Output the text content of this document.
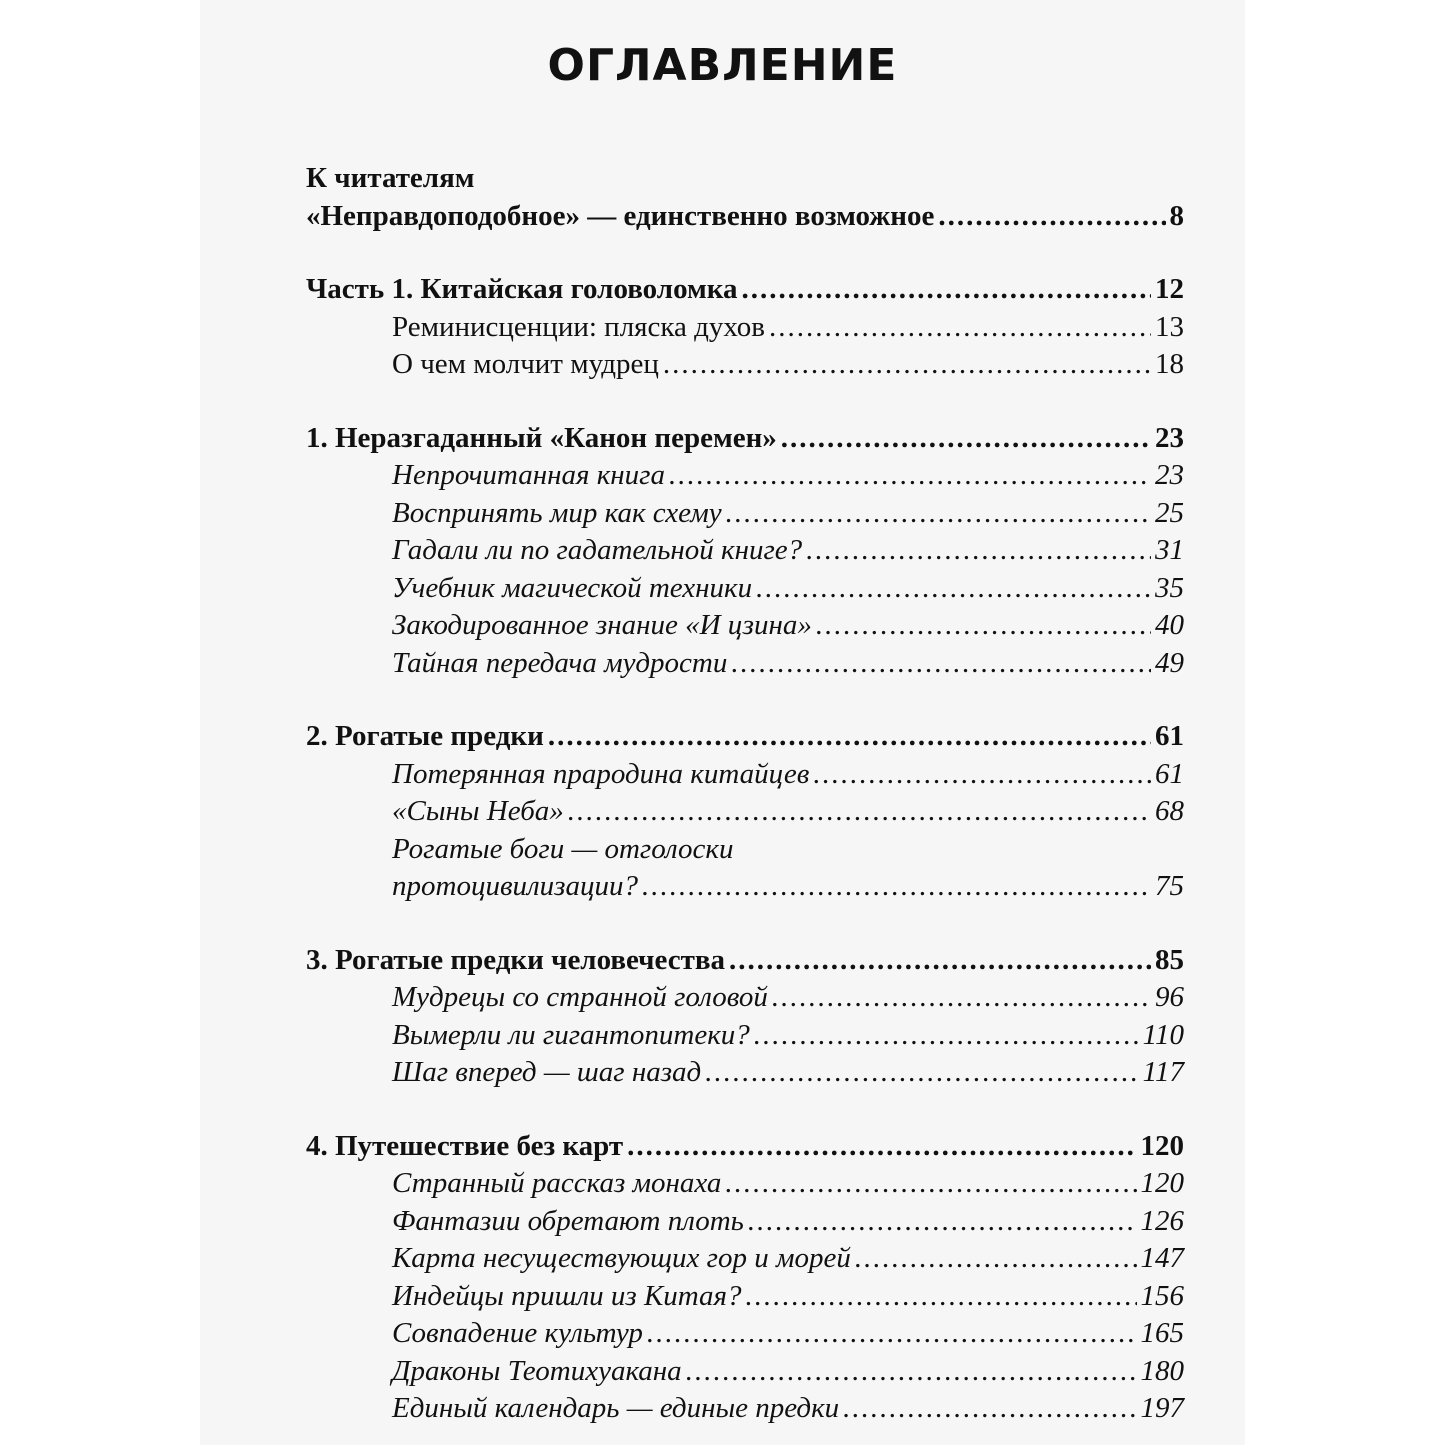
ОГЛАВЛЕНИЕ
К читателям
«Неправдоподобное» — единственно возможное .....	8
Часть 1. Китайская головоломка .....	12
Реминисценции: пляска духов .....	13
О чем молчит мудрец .....	18
1. Неразгаданный «Канон перемен» .....	23
Непрочитанная книга .....	23
Воспринять мир как схему .....	25
Гадали ли по гадательной книге? .....	31
Учебник магической техники .....	35
Закодированное знание «И цзина» .....	40
Тайная передача мудрости .....	49
2. Рогатые предки .....	61
Потерянная прародина китайцев .....	61
«Сыны Неба» .....	68
Рогатые боги — отголоски
протоцивилизации? .....	75
3. Рогатые предки человечества .....	85
Мудрецы со странной головой .....	96
Вымерли ли гигантопитеки? .....	110
Шаг вперед — шаг назад .....	117
4. Путешествие без карт .....	120
Странный рассказ монаха .....	120
Фантазии обретают плоть .....	126
Карта несуществующих гор и морей .....	147
Индейцы пришли из Китая? .....	156
Совпадение культур .....	165
Драконы Теотихуакана .....	180
Единый календарь — единые предки .....	197
